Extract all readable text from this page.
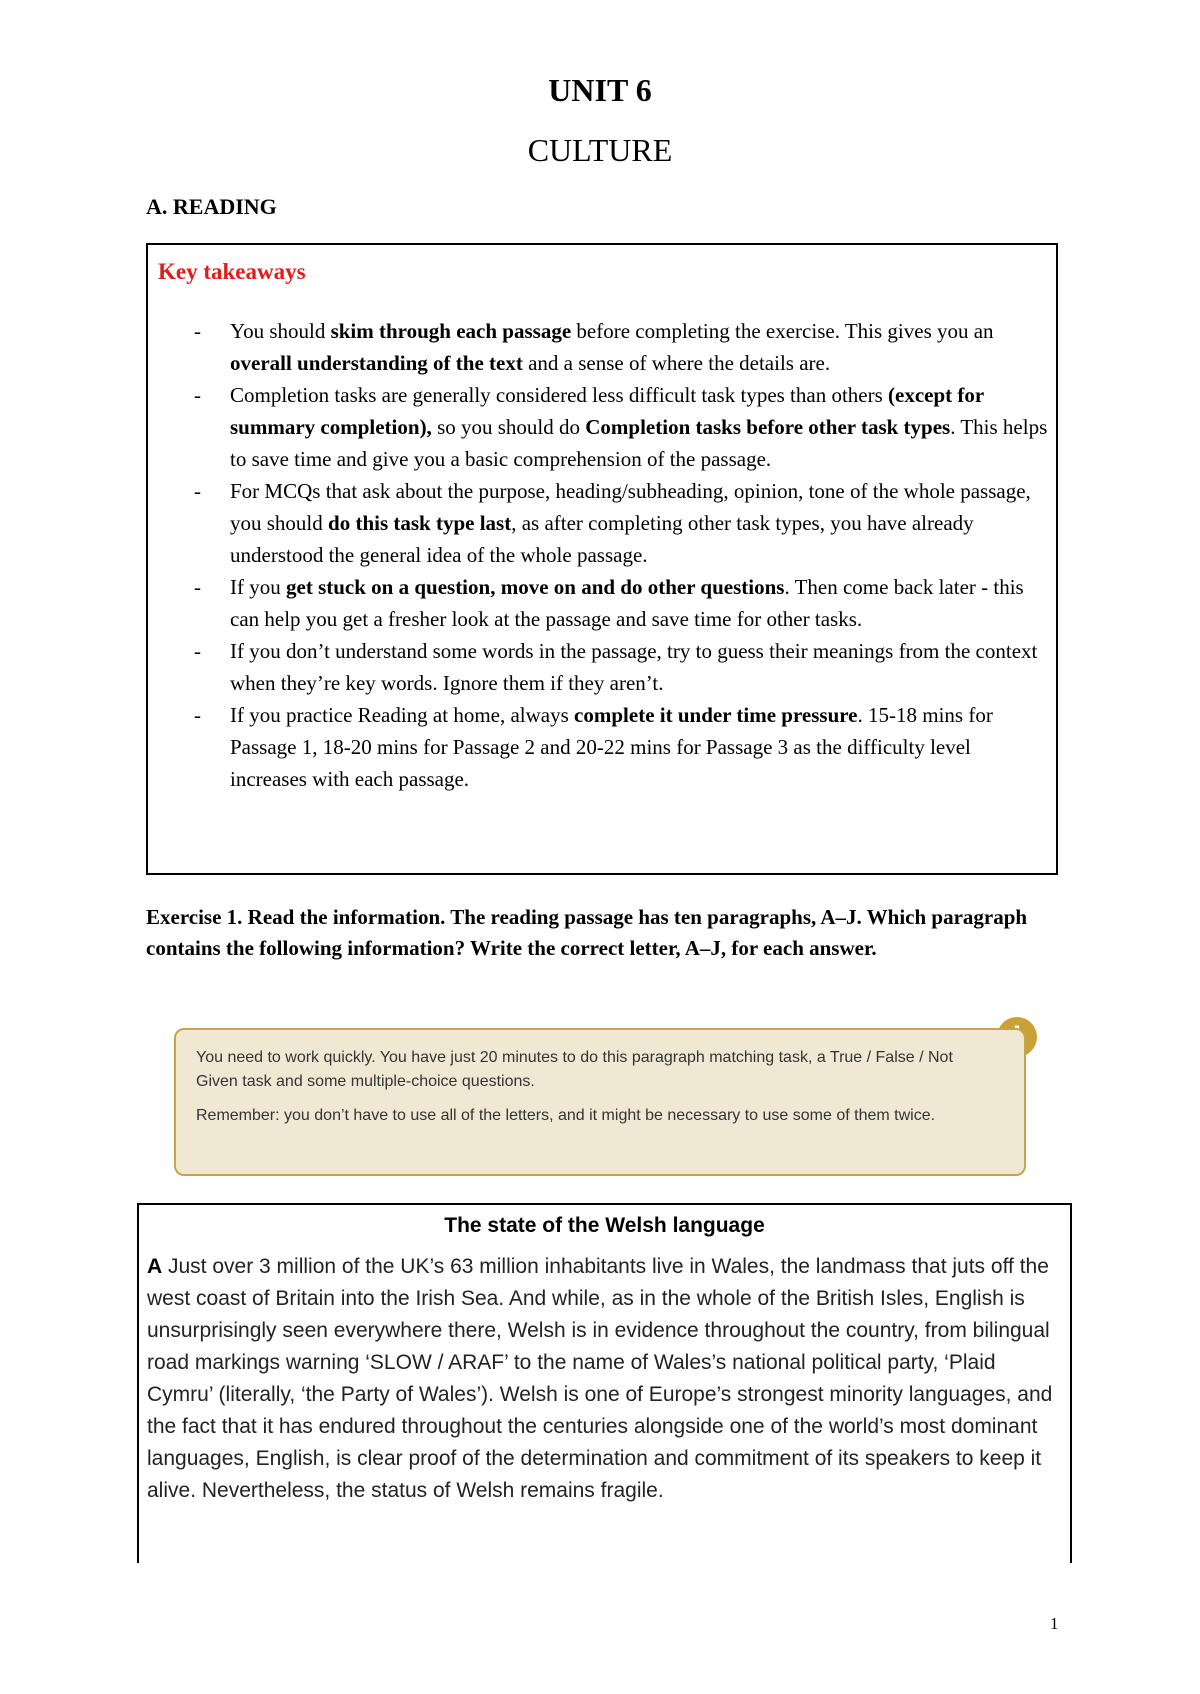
UNIT 6
CULTURE
A. READING
Key takeaways
- You should skim through each passage before completing the exercise. This gives you an overall understanding of the text and a sense of where the details are.
- Completion tasks are generally considered less difficult task types than others (except for summary completion), so you should do Completion tasks before other task types. This helps to save time and give you a basic comprehension of the passage.
- For MCQs that ask about the purpose, heading/subheading, opinion, tone of the whole passage, you should do this task type last, as after completing other task types, you have already understood the general idea of the whole passage.
- If you get stuck on a question, move on and do other questions. Then come back later - this can help you get a fresher look at the passage and save time for other tasks.
- If you don’t understand some words in the passage, try to guess their meanings from the context when they’re key words. Ignore them if they aren’t.
- If you practice Reading at home, always complete it under time pressure. 15-18 mins for Passage 1, 18-20 mins for Passage 2 and 20-22 mins for Passage 3 as the difficulty level increases with each passage.

Exercise 1. Read the information. The reading passage has ten paragraphs, A–J. Which paragraph contains the following information? Write the correct letter, A–J, for each answer.

You need to work quickly. You have just 20 minutes to do this paragraph matching task, a True / False / Not Given task and some multiple-choice questions.

Remember: you don’t have to use all of the letters, and it might be necessary to use some of them twice.

The state of the Welsh language

A Just over 3 million of the UK’s 63 million inhabitants live in Wales, the landmass that juts off the west coast of Britain into the Irish Sea. And while, as in the whole of the British Isles, English is unsurprisingly seen everywhere there, Welsh is in evidence throughout the country, from bilingual road markings warning ‘SLOW / ARAF’ to the name of Wales’s national political party, ‘Plaid Cymru’ (literally, ‘the Party of Wales’). Welsh is one of Europe’s strongest minority languages, and the fact that it has endured throughout the centuries alongside one of the world’s most dominant languages, English, is clear proof of the determination and commitment of its speakers to keep it alive. Nevertheless, the status of Welsh remains fragile.

1
